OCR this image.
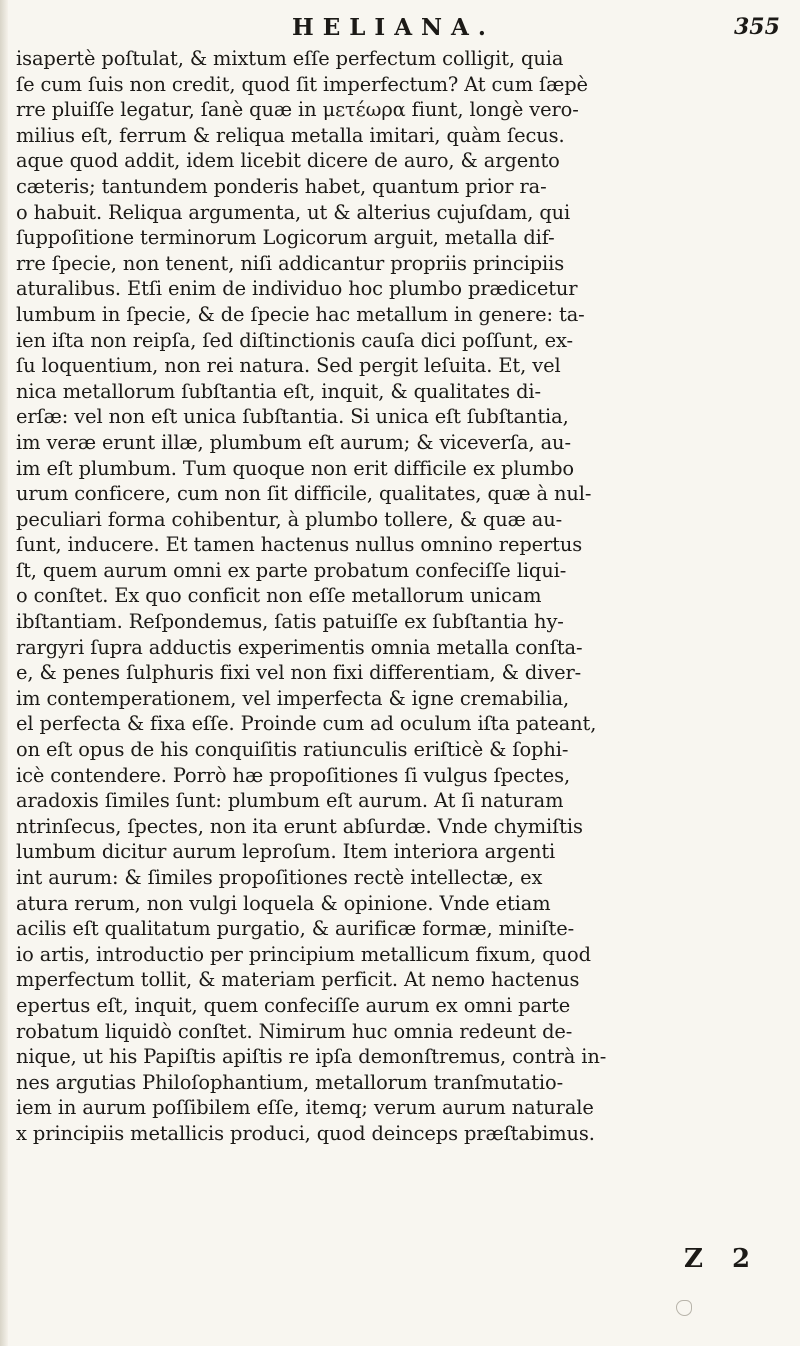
HELIANA.	355
isapertè poſtulat, & mixtum eſſe perfectum colligit, quia
ſe cum ſuis non credit, quod ſit imperfectum? At cum ſæpè
rre pluiſſe legatur, ſanè quæ in μετέωρα fiunt, longè vero-
milius eſt, ferrum & reliqua metalla imitari, quàm ſecus.
aque quod addit, idem licebit dicere de auro, & argento
cæteris; tantundem ponderis habet, quantum prior ra-
o habuit. Reliqua argumenta, ut & alterius cujuſdam, qui
ſuppoſitione terminorum Logicorum arguit, metalla dif-
rre ſpecie, non tenent, niſi addicantur propriis principiis
aturalibus. Etſi enim de individuo hoc plumbo prædicetur
lumbum in ſpecie, & de ſpecie hac metallum in genere: ta-
ien iſta non reipſa, ſed diſtinctionis cauſa dici poſſunt, ex-
ſu loquentium, non rei natura. Sed pergit leſuita. Et, vel
nica metallorum ſubſtantia eſt, inquit, & qualitates di-
erſæ: vel non eſt unica ſubſtantia. Si unica eſt ſubſtantia,
im veræ erunt illæ, plumbum eſt aurum; & viceverſa, au-
im eſt plumbum. Tum quoque non erit difficile ex plumbo
urum conficere, cum non ſit difficile, qualitates, quæ à nul-
peculiari forma cohibentur, à plumbo tollere, & quæ au-
ſunt, inducere. Et tamen hactenus nullus omnino repertus
ſt, quem aurum omni ex parte probatum confeciſſe liqui-
o conſtet. Ex quo conficit non eſſe metallorum unicam
ibſtantiam. Reſpondemus, ſatis patuiſſe ex ſubſtantia hy-
rargyri ſupra adductis experimentis omnia metalla conſta-
e, & penes ſulphuris fixi vel non fixi differentiam, & diver-
im contemperationem, vel imperfecta & igne cremabilia,
el perfecta & fixa eſſe. Proinde cum ad oculum iſta pateant,
on eſt opus de his conquiſitis ratiunculis eriſticè & ſophi-
icè contendere. Porrò hæ propoſitiones ſi vulgus ſpectes,
aradoxis ſimiles ſunt: plumbum eſt aurum. At ſi naturam
ntrinſecus, ſpectes, non ita erunt abſurdæ. Vnde chymiſtis
lumbum dicitur aurum leproſum. Item interiora argenti
int aurum: & ſimiles propoſitiones rectè intellectæ, ex
atura rerum, non vulgi loquela & opinione. Vnde etiam
acilis eſt qualitatum purgatio, & aurificæ formæ, miniſte-
io artis, introductio per principium metallicum fixum, quod
mperfectum tollit, & materiam perficit. At nemo hactenus
epertus eſt, inquit, quem confeciſſe aurum ex omni parte
robatum liquidò conſtet. Nimirum huc omnia redeunt de-
nique, ut his Papiſtis apiſtis re ipſa demonſtremus, contrà in-
nes argutias Philoſophantium, metallorum tranſmutatio-
iem in aurum poſſibilem eſſe, itemq; verum aurum naturale
x principiis metallicis produci, quod deinceps præſtabimus.
Z 2
